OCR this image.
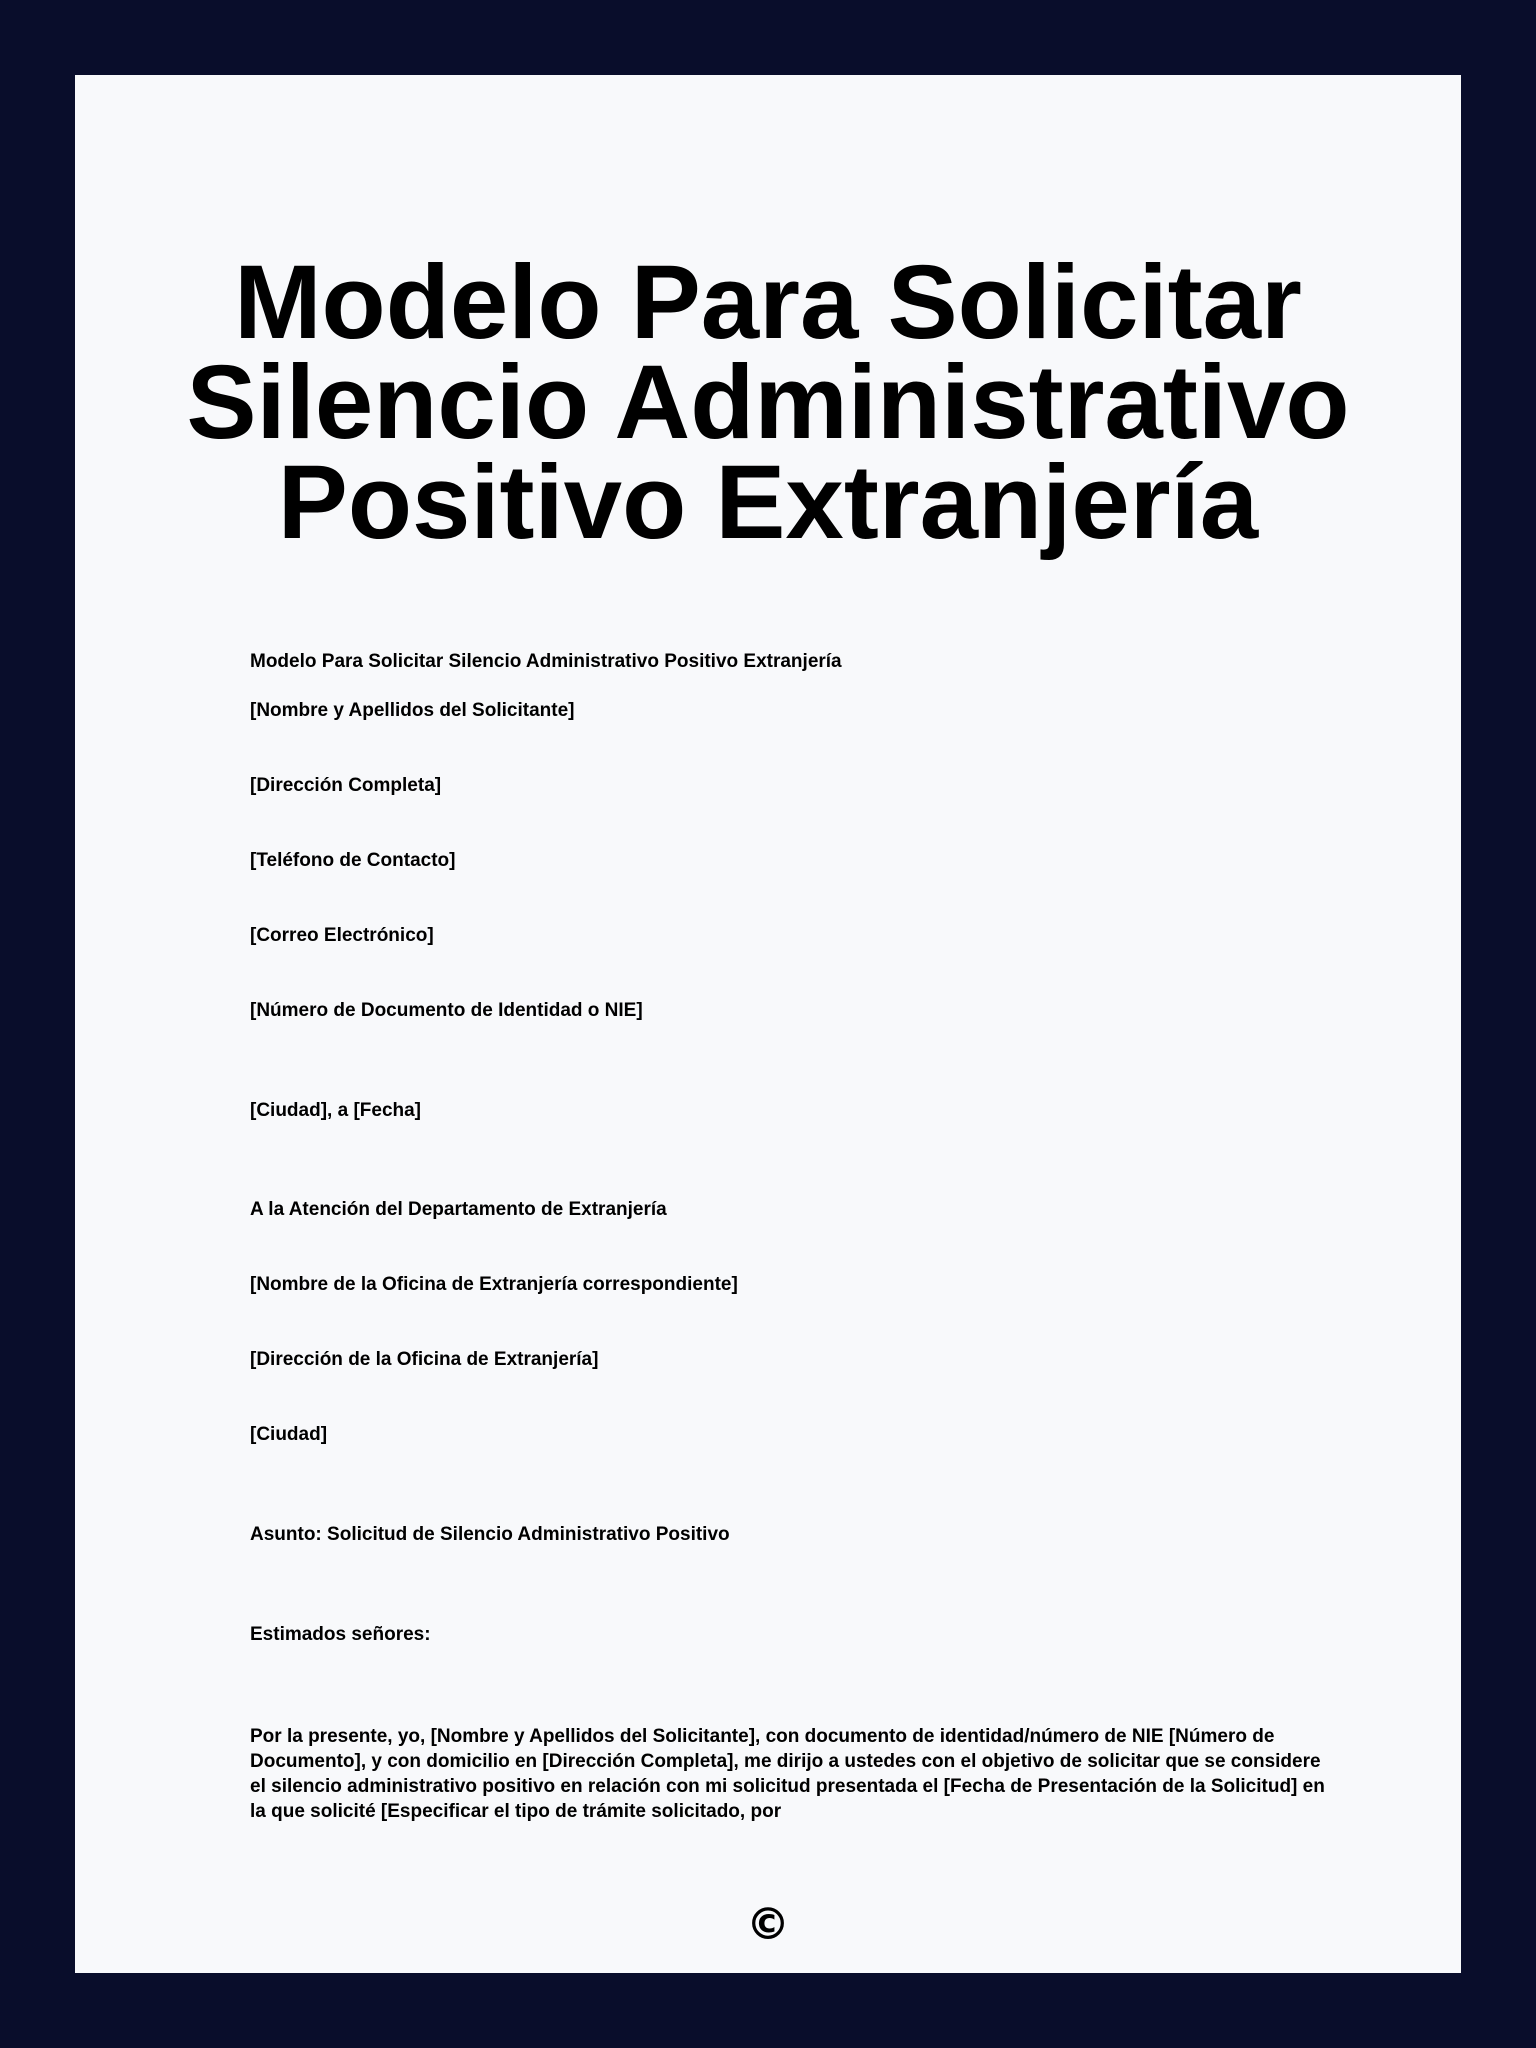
Modelo Para Solicitar Silencio Administrativo Positivo Extranjería
Modelo Para Solicitar Silencio Administrativo Positivo Extranjería
[Nombre y Apellidos del Solicitante]
[Dirección Completa]
[Teléfono de Contacto]
[Correo Electrónico]
[Número de Documento de Identidad o NIE]
[Ciudad], a [Fecha]
A la Atención del Departamento de Extranjería
[Nombre de la Oficina de Extranjería correspondiente]
[Dirección de la Oficina de Extranjería]
[Ciudad]
Asunto: Solicitud de Silencio Administrativo Positivo
Estimados señores:
Por la presente, yo, [Nombre y Apellidos del Solicitante], con documento de identidad/número de NIE [Número de Documento], y con domicilio en [Dirección Completa], me dirijo a ustedes con el objetivo de solicitar que se considere el silencio administrativo positivo en relación con mi solicitud presentada el [Fecha de Presentación de la Solicitud] en la que solicité [Especificar el tipo de trámite solicitado, por
©
